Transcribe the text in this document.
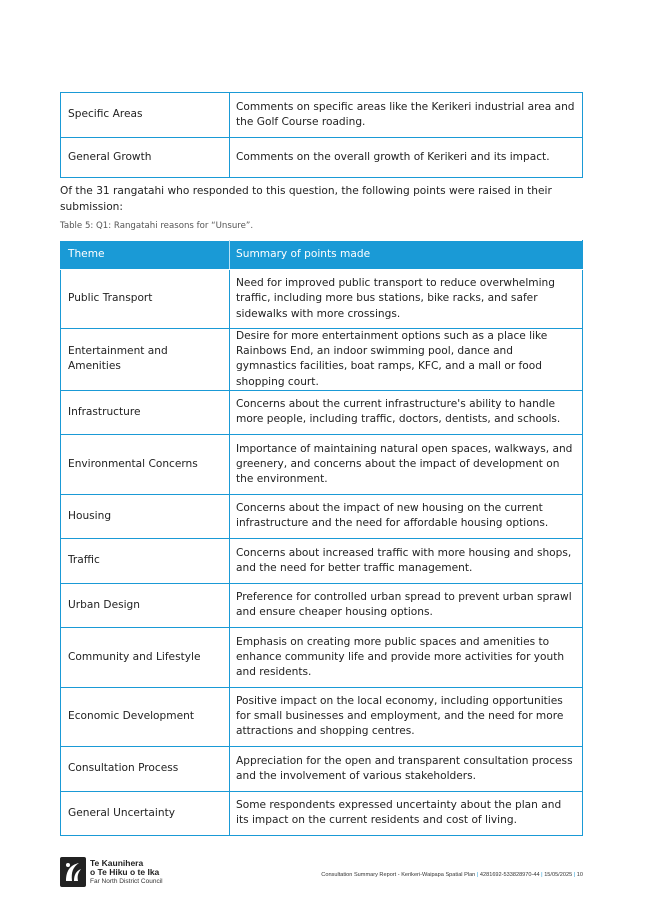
Specific Areas	Comments on specific areas like the Kerikeri industrial area and the Golf Course roading.
General Growth	Comments on the overall growth of Kerikeri and its impact.
Of the 31 rangatahi who responded to this question, the following points were raised in their submission:
Table 5: Q1: Rangatahi reasons for “Unsure”.
Theme	Summary of points made
Public Transport	Need for improved public transport to reduce overwhelming traffic, including more bus stations, bike racks, and safer sidewalks with more crossings.
Entertainment and Amenities	Desire for more entertainment options such as a place like Rainbows End, an indoor swimming pool, dance and gymnastics facilities, boat ramps, KFC, and a mall or food shopping court.
Infrastructure	Concerns about the current infrastructure's ability to handle more people, including traffic, doctors, dentists, and schools.
Environmental Concerns	Importance of maintaining natural open spaces, walkways, and greenery, and concerns about the impact of development on the environment.
Housing	Concerns about the impact of new housing on the current infrastructure and the need for affordable housing options.
Traffic	Concerns about increased traffic with more housing and shops, and the need for better traffic management.
Urban Design	Preference for controlled urban spread to prevent urban sprawl and ensure cheaper housing options.
Community and Lifestyle	Emphasis on creating more public spaces and amenities to enhance community life and provide more activities for youth and residents.
Economic Development	Positive impact on the local economy, including opportunities for small businesses and employment, and the need for more attractions and shopping centres.
Consultation Process	Appreciation for the open and transparent consultation process and the involvement of various stakeholders.
General Uncertainty	Some respondents expressed uncertainty about the plan and its impact on the current residents and cost of living.
Te Kaunihera
o Te Hiku o te Ika
Far North District Council
Consultation Summary Report - Kerikeri-Waipapa Spatial Plan | 4281692-533828970-44 | 15/05/2025 | 10
